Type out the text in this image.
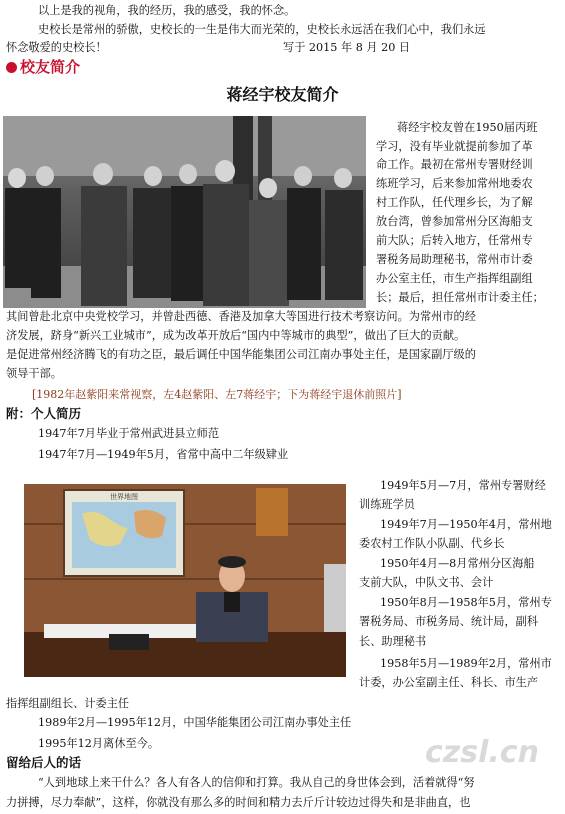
以上是我的视角，我的经历，我的感受，我的怀念。
史校长是常州的骄傲，史校长的一生是伟大而光荣的，史校长永远活在我们心中，我们永远
怀念敬爱的史校长！	写于 2015 年 8 月 20 日
校友简介
蒋经宇校友简介
蒋经宇校友曾在1950届丙班
学习，没有毕业就提前参加了革
命工作。最初在常州专署财经训
练班学习，后来参加常州地委农
村工作队，任代理乡长，为了解
放台湾，曾参加常州分区海船支
前大队；后转入地方，任常州专
署税务局助理秘书，常州市计委
办公室主任，市生产指挥组副组
长；最后，担任常州市计委主任；
其间曾赴北京中央党校学习，并曾赴西德、香港及加拿大等国进行技术考察访问。为常州市的经
济发展，跻身“新兴工业城市”，成为改革开放后“国内中等城市的典型”，做出了巨大的贡献。
是促进常州经济腾飞的有功之臣，最后调任中国华能集团公司江南办事处主任，是国家副厅级的
领导干部。
[1982年赵紫阳来常视察，左4赵紫阳、左7蒋经宇；下为蒋经宇退休前照片]
附：个人简历
1947年7月毕业于常州武进县立师范
1947年7月—1949年5月，省常中高中二年级肄业
世界地图
1949年5月—7月，常州专署财经
训练班学员
1949年7月—1950年4月，常州地
委农村工作队小队副、代乡长
1950年4月—8月常州分区海船
支前大队，中队文书、会计
1950年8月—1958年5月，常州专
署税务局、市税务局、统计局，副科
长、助理秘书
1958年5月—1989年2月，常州市
计委，办公室副主任、科长、市生产
指挥组副组长、计委主任
1989年2月—1995年12月，中国华能集团公司江南办事处主任
1995年12月离休至今。
留给后人的话
“人到地球上来干什么？各人有各人的信仰和打算。我从自己的身世体会到，活着就得“努
力拼搏，尽力奉献”，这样，你就没有那么多的时间和精力去斤斤计较边过得失和是非曲直，也
czsl.cn
